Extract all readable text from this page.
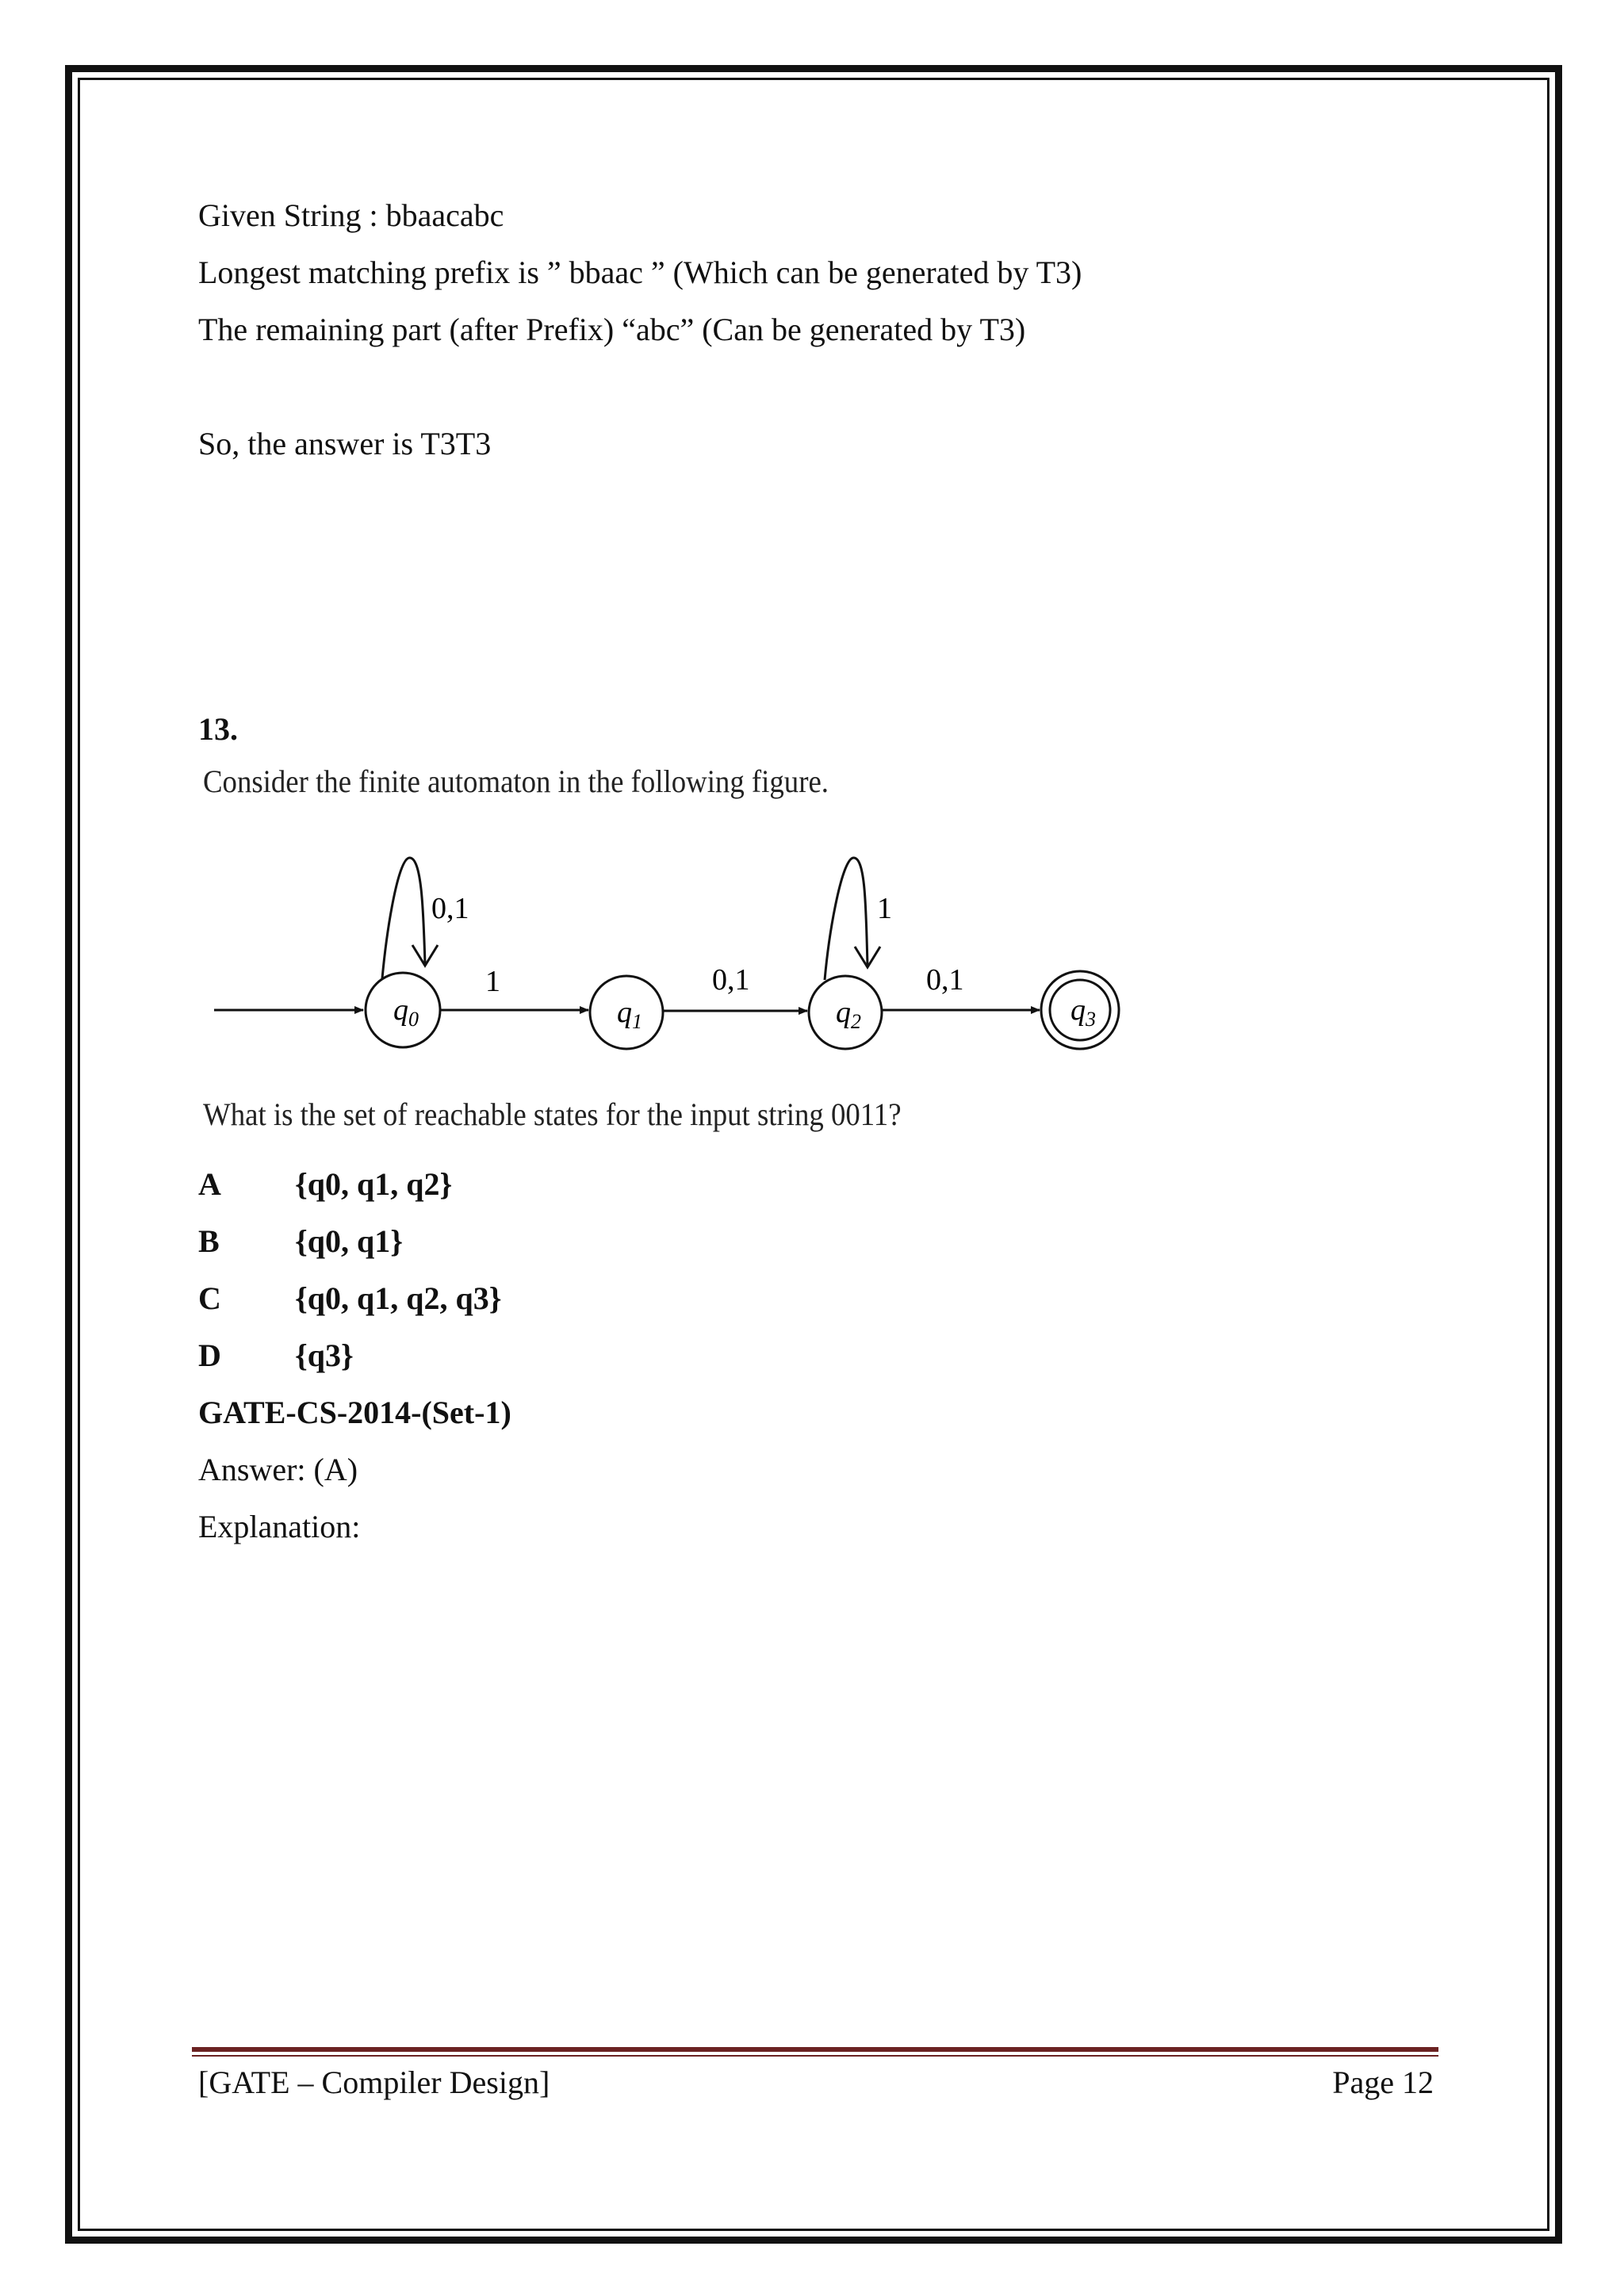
Given String : bbaacabc
Longest matching prefix is ” bbaac ” (Which can be generated by T3)
The remaining part (after Prefix) “abc” (Can be generated by T3)
So, the answer is T3T3
13.
Consider the finite automaton in the following figure.
$q_0$	$q_1$	$q_2$	$q_3$
0,1
1	0,1
1
0,1
What is the set of reachable states for the input string 0011?
A {q0, q1, q2}
B {q0, q1}
C {q0, q1, q2, q3}
D {q3}
GATE-CS-2014-(Set-1)
Answer: (A)
Explanation:
[GATE – Compiler Design]	Page 12
